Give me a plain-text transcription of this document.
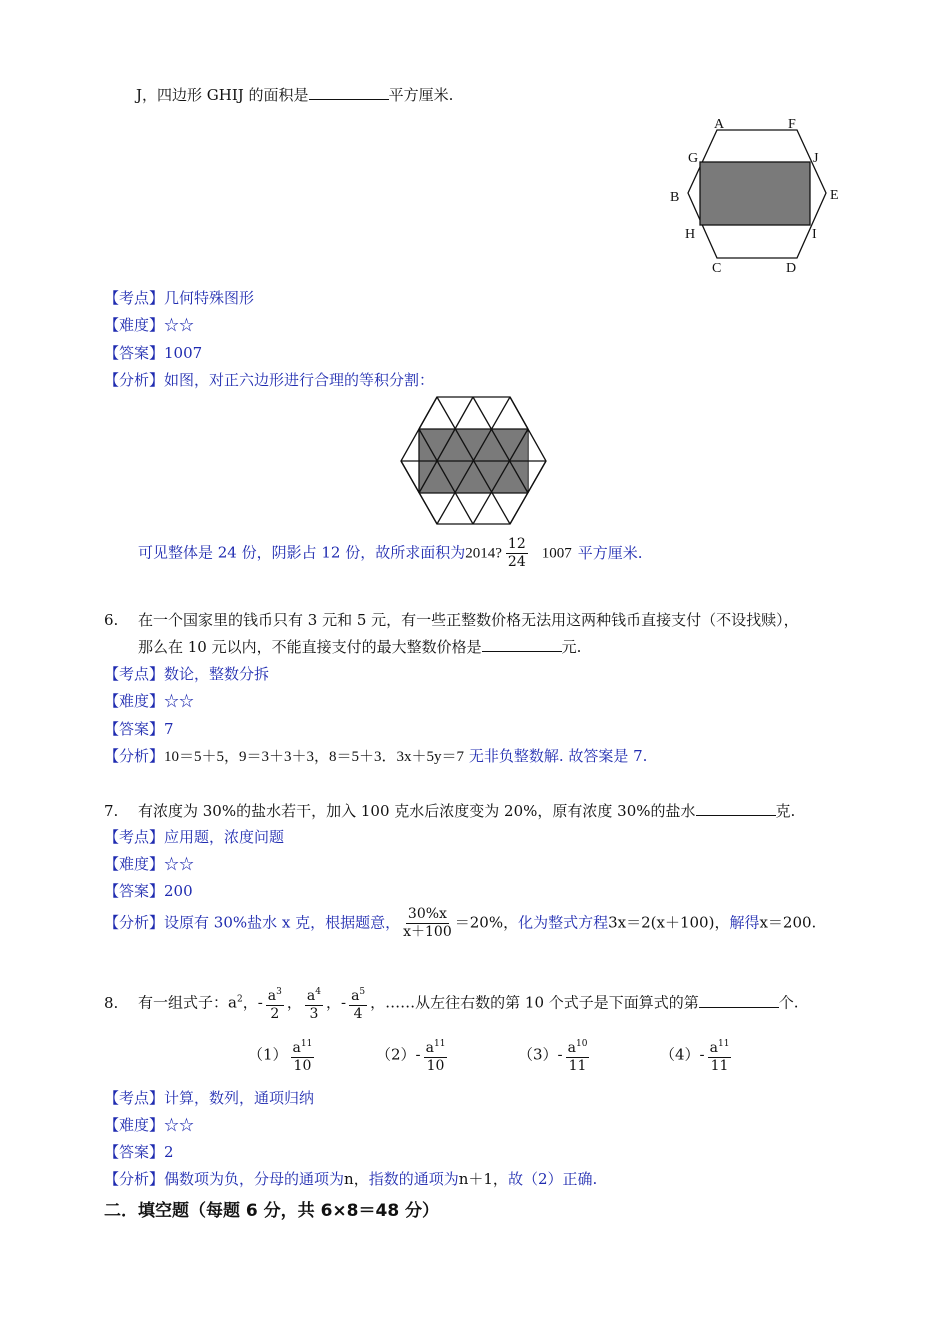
J，四边形 GHIJ 的面积是	平方厘米.
A	F
G	J
B	E
H	I
C	D
【考点】几何特殊图形
【难度】☆☆
【答案】1007
【分析】如图，对正六边形进行合理的等积分割：
可见整体是 24 份，阴影占 12 份，故所求面积为2014? $\frac{12}{24} 1007$ 平方厘米.
6. 在一个国家里的钱币只有 3 元和 5 元，有一些正整数价格无法用这两种钱币直接支付（不设找赎），
那么在 10 元以内，不能直接支付的最大整数价格是	元.
【考点】数论，整数分拆
【难度】☆☆
【答案】7
【分析】10＝5＋5，9＝3＋3＋3，8＝5＋3．3x＋5y＝7 无非负整数解. 故答案是 7.
7. 有浓度为 30%的盐水若干，加入 100 克水后浓度变为 20%，原有浓度 30%的盐水	克.
【考点】应用题，浓度问题
【难度】☆☆
【答案】200
【分析】设原有 30%盐水 x 克，根据题意， $\frac{30\%x}{x+100} =20\%$，化为整式方程3x＝2(x＋100)，解得x＝200.
8. 有一组式子：$a^2$，- $\frac{a^3}{2}$ ， $\frac{a^4}{3}$ ，- $\frac{a^5}{4}$ ，……从左往右数的第 10 个式子是下面算式的第	个.
$(1) \frac{a^{11}}{10}$	$(2)- \frac{a^{11}}{10}$	$(3)- \frac{a^{10}}{11}$	$(4)- \frac{a^{11}}{11}$
【考点】计算，数列，通项归纳
【难度】☆☆
【答案】2
【分析】偶数项为负，分母的通项为n，指数的通项为n＋1，故（2）正确.
二．填空题（每题 6 分，共 6×8＝48 分）
